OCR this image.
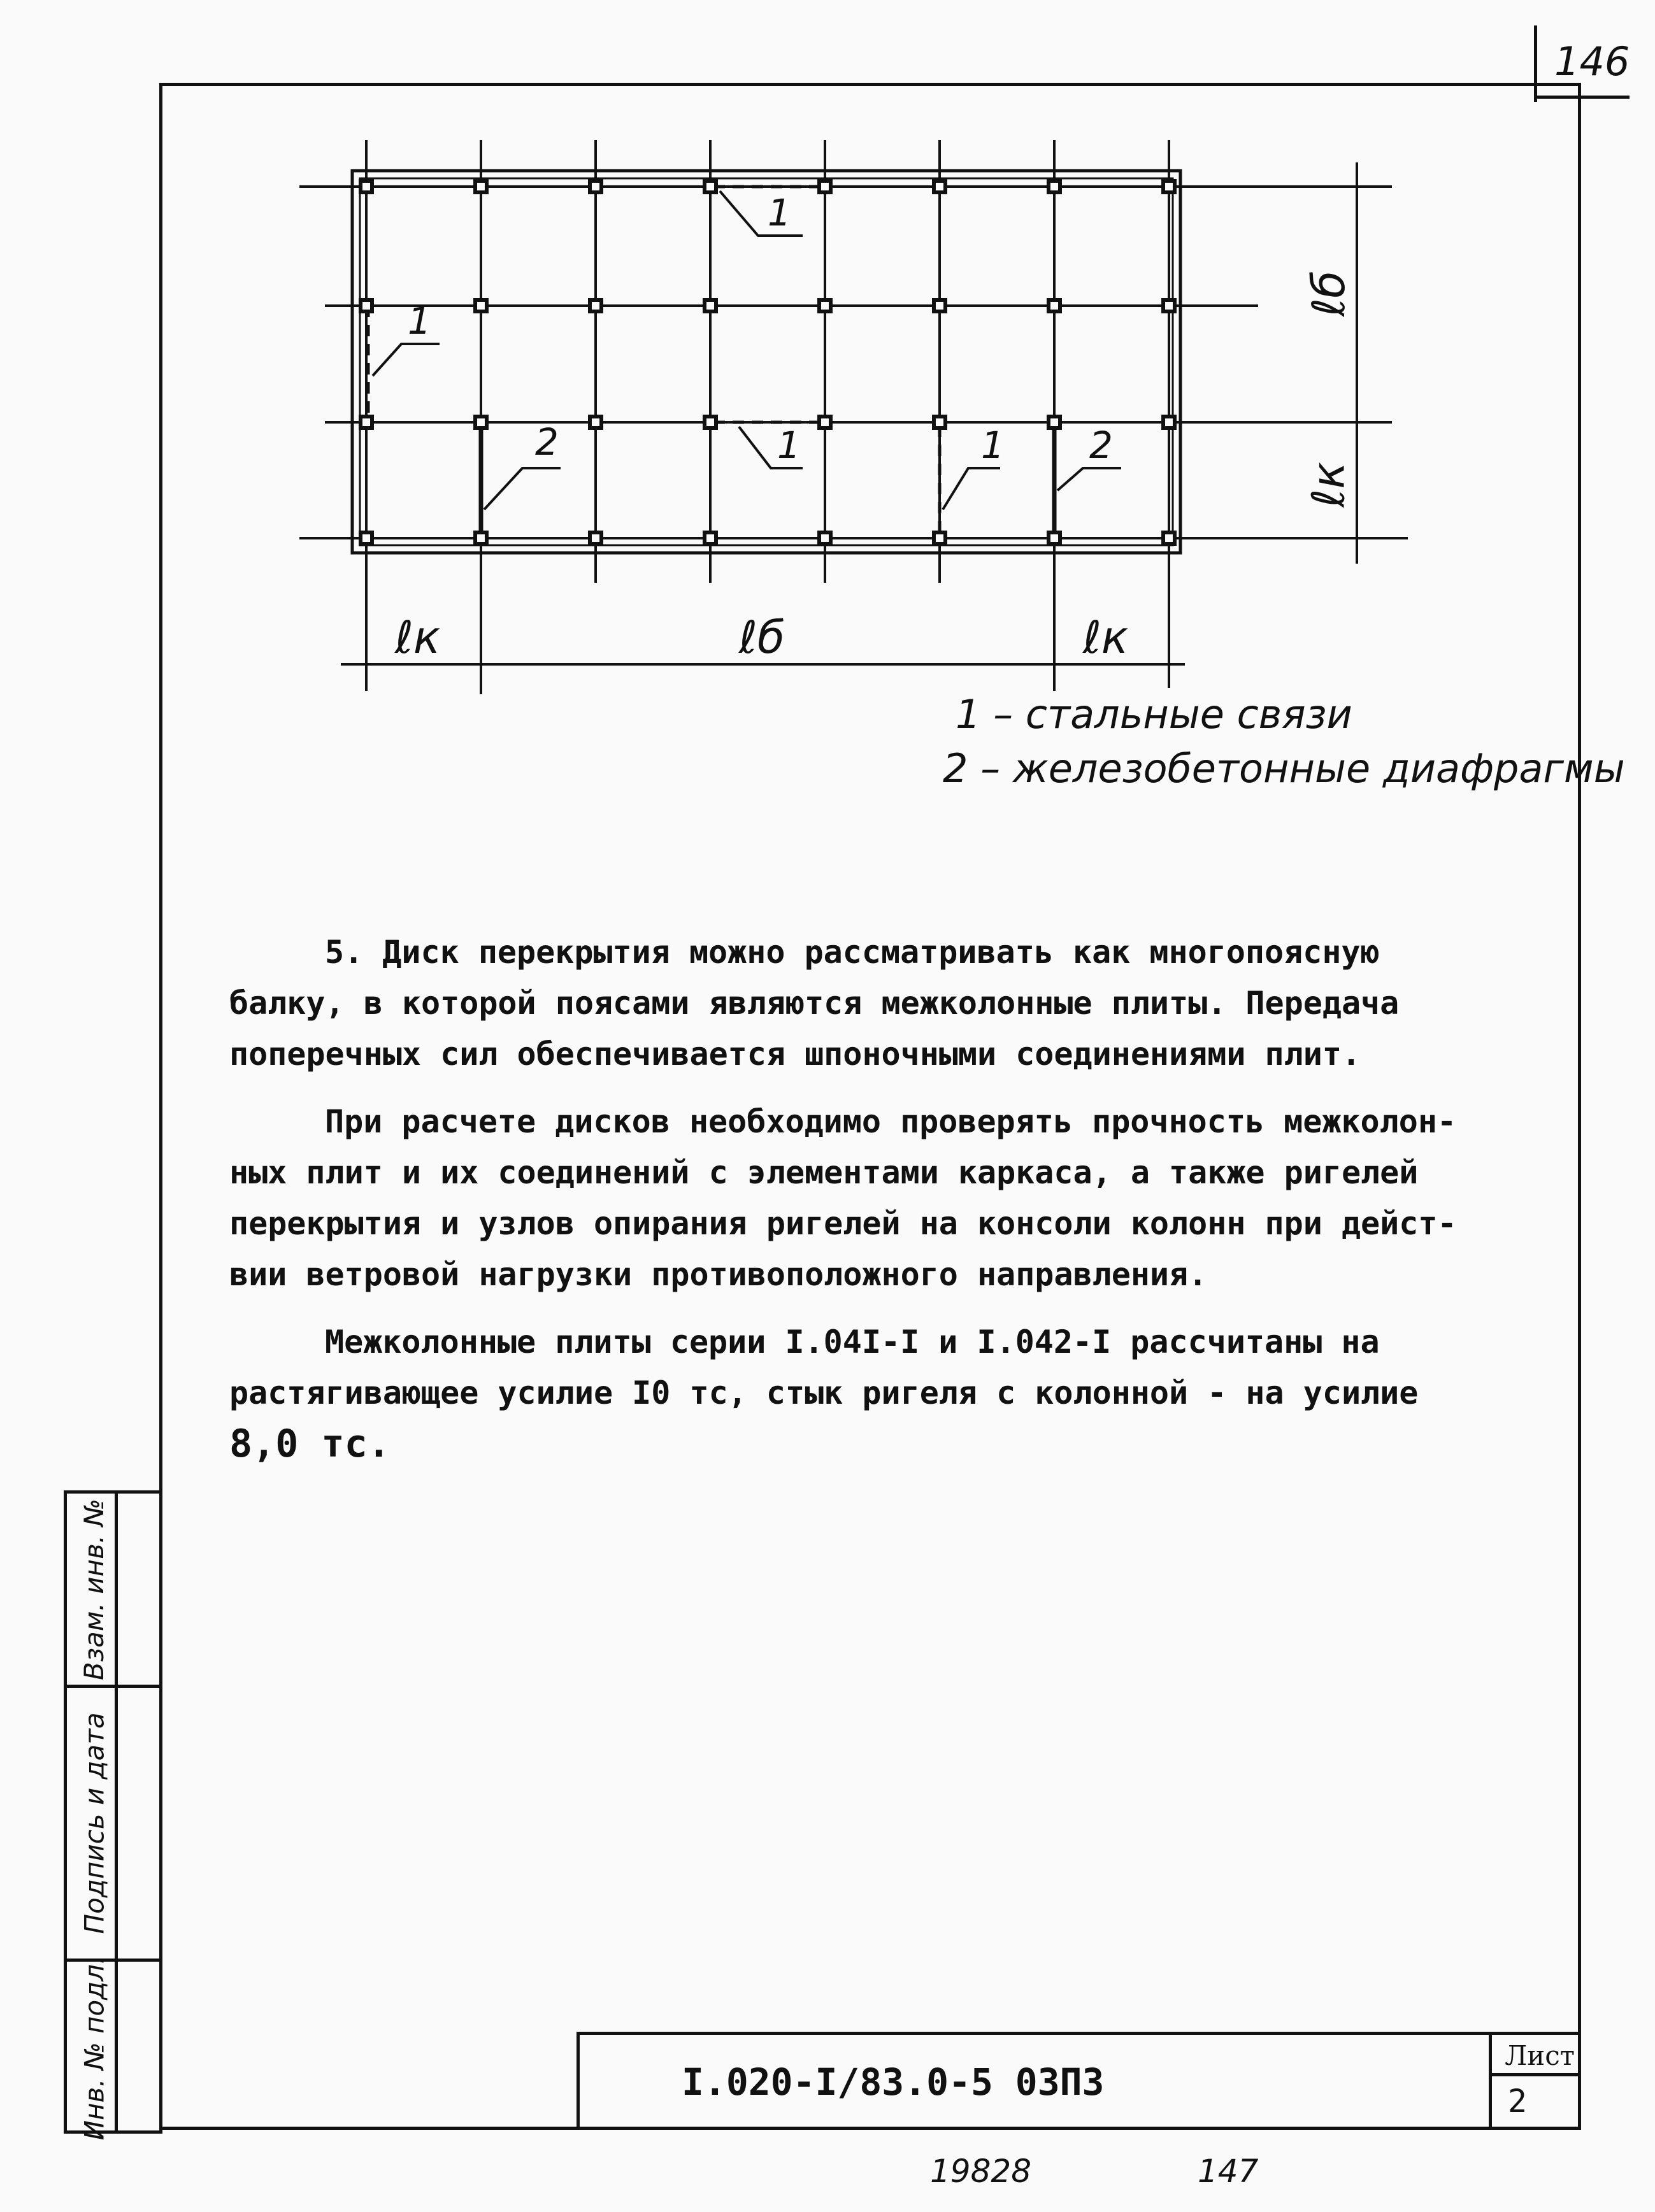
146
1
1
2	1	1 2
ℓк	ℓб	ℓк
ℓб
ℓк
1 – стальные связи
2 – железобетонные диафрагмы

5. Диск перекрытия можно рассматривать как многопоясную

балку, в которой поясами являются межколонные плиты. Передача

поперечных сил обеспечивается шпоночными соединениями плит.

При расчете дисков необходимо проверять прочность межколон-

ных плит и их соединений с элементами каркаса, а также ригелей

перекрытия и узлов опирания ригелей на консоли колонн при дейст-

вии ветровой нагрузки противоположного направления.

Межколонные плиты серии I.04I-I и I.042-I рассчитаны на

растягивающее усилие I0 тс, стык ригеля с колонной - на усилие

8,0 тс.

Взам. инв. №
Подпись и дата
Инв. № подл.	I.020-I/83.0-5 03П3
Лист
2
19828	147
